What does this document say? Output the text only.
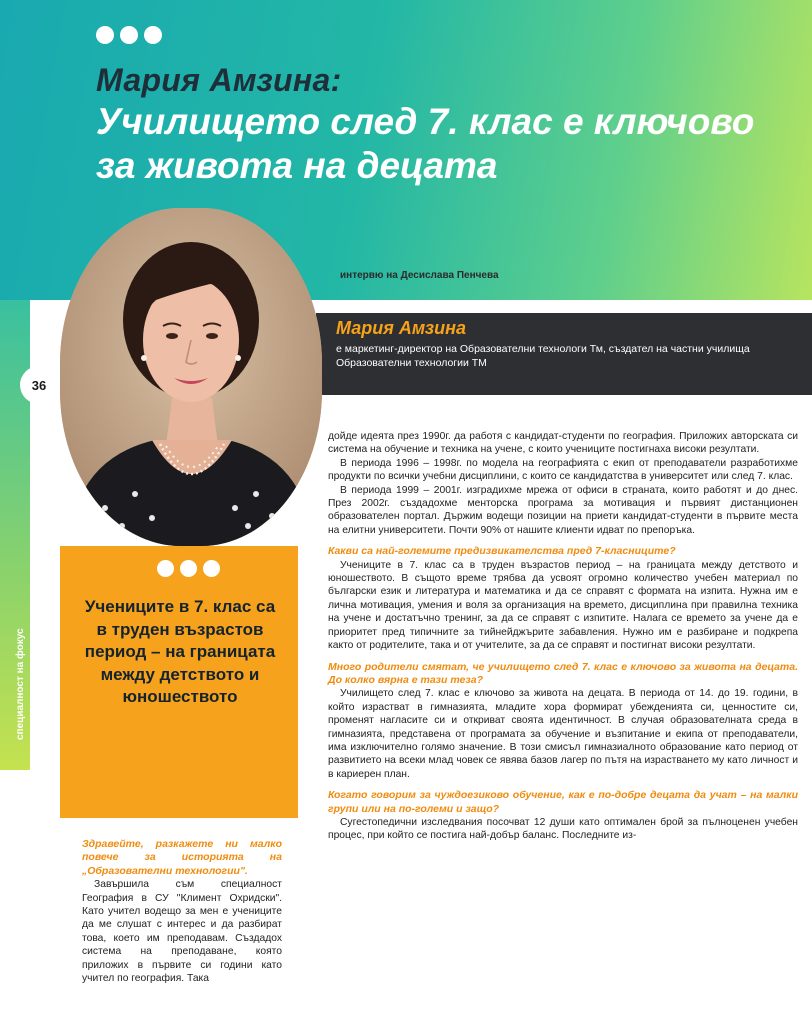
Мария Амзина:
Училището след 7. клас е ключово за живота на децата
интервю на Десислава Пенчева
36
специалност на фокус
Мария Амзина
е маркетинг-директор на Образователни технологи Тм, създател на частни училища Образователни технологии ТМ
Учениците в 7. клас са в труден възрастов период – на границата между детството и юношеството
Здравейте, разкажете ни малко повече за историята на „Образователни технологии".
Завършила съм специалност География в СУ "Климент Охридски". Като учител водещо за мен е учениците да ме слушат с интерес и да разбират това, което им преподавам. Създадох система на преподаване, която приложих в първите си години като учител по география. Така
дойде идеята през 1990г. да работя с кандидат-студенти по география. Приложих авторската си система на обучение и техника на учене, с които учениците постигнаха високи резултати.
В периода 1996 – 1998г. по модела на географията с екип от преподаватели разработихме продукти по всички учебни дисциплини, с които се кандидатства в университет или след 7. клас.
В периода 1999 – 2001г. изградихме мрежа от офиси в страната, които работят и до днес. През 2002г. създадохме менторска програма за мотивация и първият дистанционен образователен портал. Държим водещи позиции на приети кандидат-студенти в първите места на елитни университети. Почти 90% от нашите клиенти идват по препоръка.
Какви са най-големите предизвикателства пред 7-класниците?
Учениците в 7. клас са в труден възрастов период – на границата между детството и юношеството. В същото време трябва да усвоят огромно количество учебен материал по български език и литература и математика и да се справят с формата на изпита. Нужна им е лична мотивация, умения и воля за организация на времето, дисциплина при правилна техника на учене и достатъчно тренинг, за да се справят с изпитите. Налага се времето за учене да е приоритет пред типичните за тийнейджърите забавления. Нужно им е разбиране и подкрепа както от родителите, така и от учителите, за да се справят и постигнат високи резултати.
Много родители смятат, че училището след 7. клас е ключово за живота на децата. До колко вярна е тази теза?
Училището след 7. клас е ключово за живота на децата. В периода от 14. до 19. години, в който израстват в гимназията, младите хора формират убежденията си, ценностите си, променят нагласите си и откриват своята идентичност. В случая образователната среда в гимназията, представена от програмата за обучение и възпитание и екипа от преподаватели, има изключително голямо значение. В този смисъл гимназиалното образование като период от развитието на всеки млад човек се явява базов лагер по пътя на израстването му като личност и в кариерен план.
Когато говорим за чуждоезиково обучение, как е по-добре децата да учат – на малки групи или на по-големи и защо?
Сугестопедични изследвания посочват 12 души като оптимален брой за пълноценен учебен процес, при който се постига най-добър баланс. Последните из-
